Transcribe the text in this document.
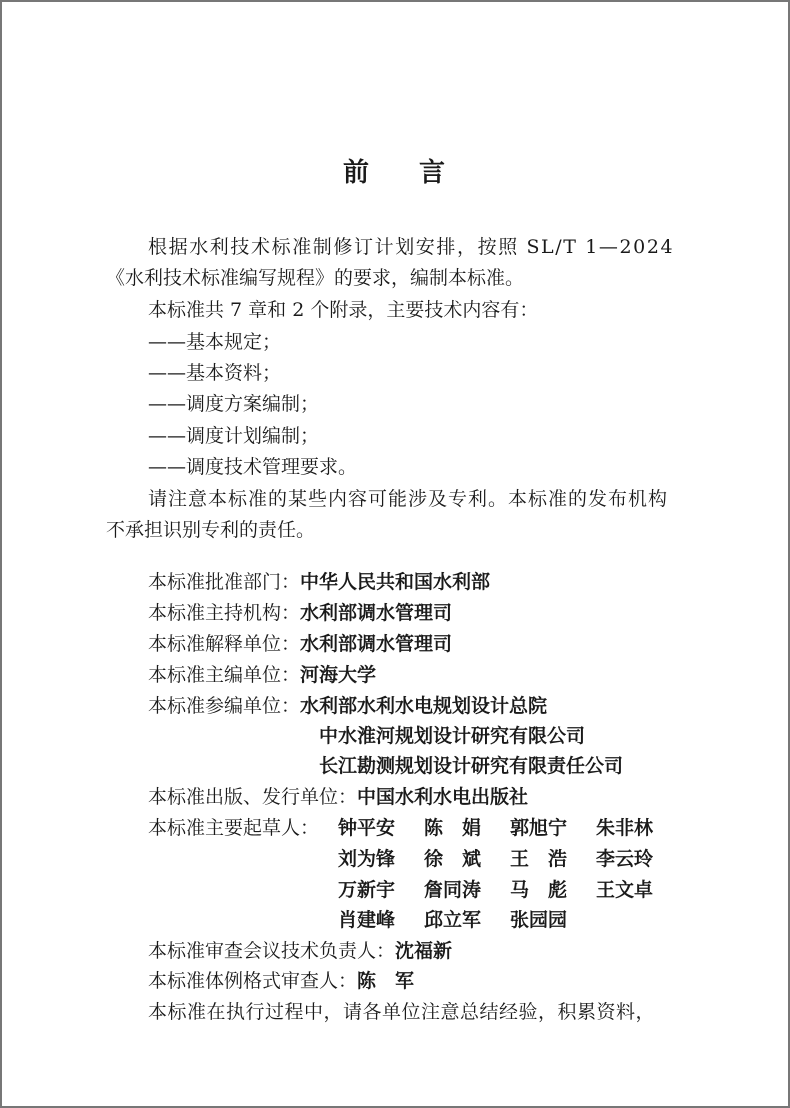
前 言
根据水利技术标准制修订计划安排，按照 SL/T 1—2024
《水利技术标准编写规程》的要求，编制本标准。
本标准共 7 章和 2 个附录，主要技术内容有：
——基本规定；
——基本资料；
——调度方案编制；
——调度计划编制；
——调度技术管理要求。
请注意本标准的某些内容可能涉及专利。本标准的发布机构
不承担识别专利的责任。
本标准批准部门：中华人民共和国水利部
本标准主持机构：水利部调水管理司
本标准解释单位：水利部调水管理司
本标准主编单位：河海大学
本标准参编单位：水利部水利水电规划设计总院
中水淮河规划设计研究有限公司
长江勘测规划设计研究有限责任公司
本标准出版、发行单位：中国水利水电出版社
本标准主要起草人： 钟平安 陈　娟 郭旭宁 朱非林
刘为锋 徐　斌 王　浩 李云玲
万新宇 詹同涛 马　彪 王文卓
肖建峰 邱立军 张园园
本标准审查会议技术负责人：沈福新
本标准体例格式审查人：陈　军
本标准在执行过程中，请各单位注意总结经验，积累资料，
